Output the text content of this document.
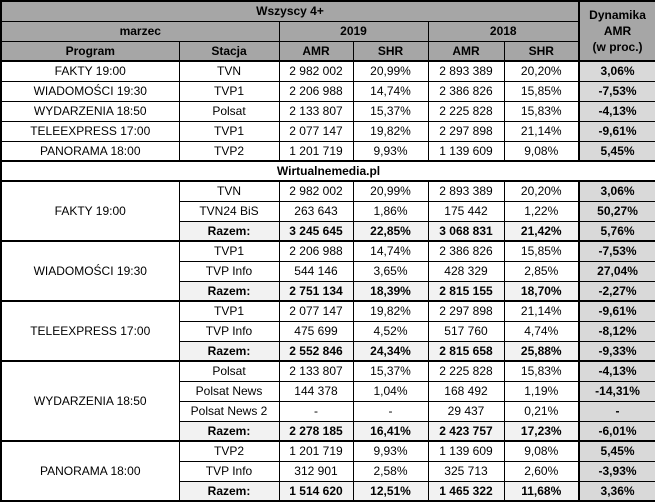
Wszyscy 4+						Dynamika
AMR
(w proc.)

marzec		2019		2018		
Program	Stacja	AMR	SHR	AMR	SHR	
FAKTY 19:00	TVN	2 982 002	20,99%	2 893 389	20,20%	3,06%
WIADOMOŚCI 19:30	TVP1	2 206 988	14,74%	2 386 826	15,85%	-7,53%
WYDARZENIA 18:50	Polsat	2 133 807	15,37%	2 225 828	15,83%	-4,13%
TELEEXPRESS 17:00	TVP1	2 077 147	19,82%	2 297 898	21,14%	-9,61%
PANORAMA 18:00	TVP2	1 201 719	9,93%	1 139 609	9,08%	5,45%
Wirtualnemedia.pl						
FAKTY 19:00	TVN	2 982 002	20,99%	2 893 389	20,20%	3,06%
	TVN24 BiS	263 643	1,86%	175 442	1,22%	50,27%
	Razem:	3 245 645	22,85%	3 068 831	21,42%	5,76%
WIADOMOŚCI 19:30	TVP1	2 206 988	14,74%	2 386 826	15,85%	-7,53%
	TVP Info	544 146	3,65%	428 329	2,85%	27,04%
	Razem:	2 751 134	18,39%	2 815 155	18,70%	-2,27%
TELEEXPRESS 17:00	TVP1	2 077 147	19,82%	2 297 898	21,14%	-9,61%
	TVP Info	475 699	4,52%	517 760	4,74%	-8,12%
	Razem:	2 552 846	24,34%	2 815 658	25,88%	-9,33%
WYDARZENIA 18:50	Polsat	2 133 807	15,37%	2 225 828	15,83%	-4,13%
	Polsat News	144 378	1,04%	168 492	1,19%	-14,31%
	Polsat News 2	-	-	29 437	0,21%	-
	Razem:	2 278 185	16,41%	2 423 757	17,23%	-6,01%
PANORAMA 18:00	TVP2	1 201 719	9,93%	1 139 609	9,08%	5,45%
	TVP Info	312 901	2,58%	325 713	2,60%	-3,93%
	Razem:	1 514 620	12,51%	1 465 322	11,68%	3,36%
